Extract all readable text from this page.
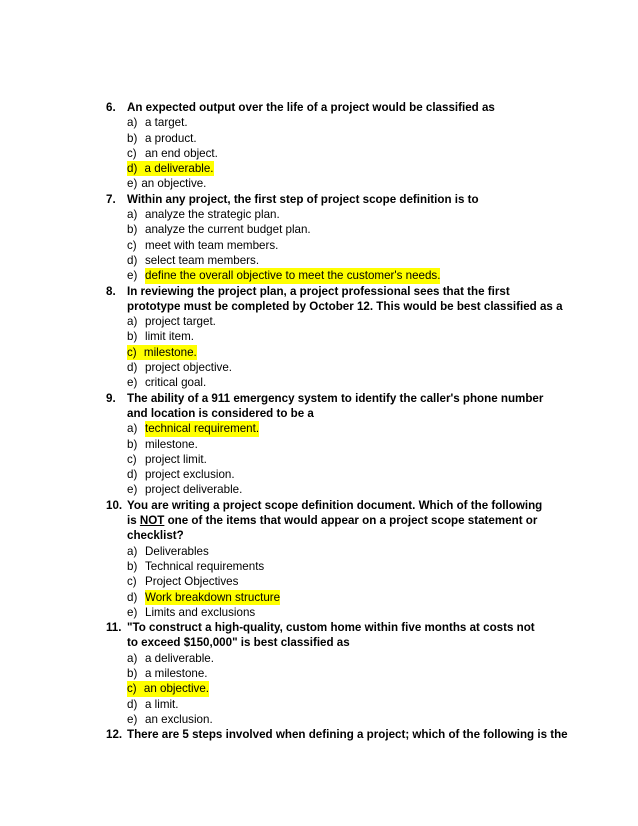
6. An expected output over the life of a project would be classified as

a) a target.
b) a product.
c) an end object.
d) a deliverable.
e) an objective.
7. Within any project, the first step of project scope definition is to

a) analyze the strategic plan.
b) analyze the current budget plan.
c) meet with team members.
d) select team members.
e) define the overall objective to meet the customer's needs.
8. In reviewing the project plan, a project professional sees that the first

prototype must be completed by October 12. This would be best classified as a

a) project target.
b) limit item.
c) milestone.
d) project objective.
e) critical goal.
9. The ability of a 911 emergency system to identify the caller's phone number

and location is considered to be a

a) technical requirement.
b) milestone.
c) project limit.
d) project exclusion.
e) project deliverable.
10. You are writing a project scope definition document. Which of the following

is NOT one of the items that would appear on a project scope statement or

checklist?

a) Deliverables
b) Technical requirements
c) Project Objectives
d) Work breakdown structure
e) Limits and exclusions
11. "To construct a high-quality, custom home within five months at costs not

to exceed $150,000" is best classified as

a) a deliverable.
b) a milestone.
c) an objective.
d) a limit.
e) an exclusion.
12. There are 5 steps involved when defining a project; which of the following is the
